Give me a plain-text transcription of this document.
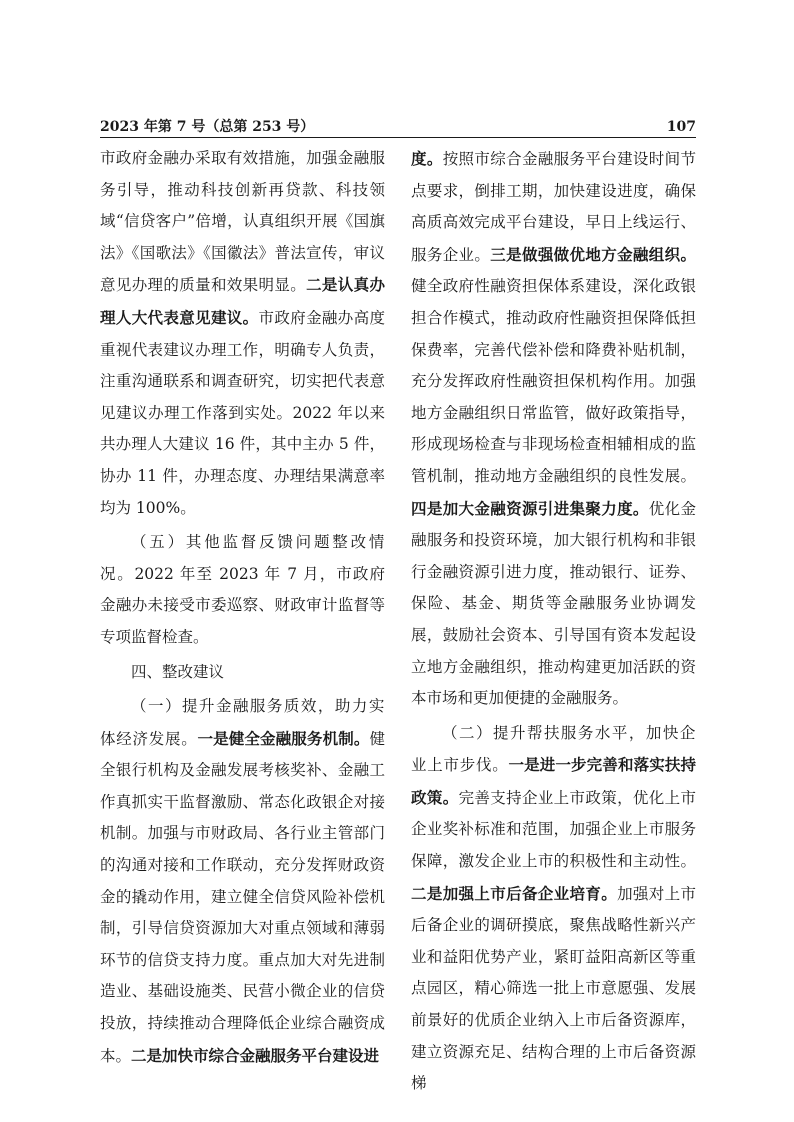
2023 年第 7 号（总第 253 号）	107

市政府金融办采取有效措施，加强金融服务引导，推动科技创新再贷款、科技领域“信贷客户”倍增，认真组织开展《国旗法》《国歌法》《国徽法》普法宣传，审议意见办理的质量和效果明显。二是认真办理人大代表意见建议。市政府金融办高度重视代表建议办理工作，明确专人负责，注重沟通联系和调查研究，切实把代表意见建议办理工作落到实处。2022 年以来共办理人大建议 16 件，其中主办 5 件，协办 11 件，办理态度、办理结果满意率均为 100%。

（五）其他监督反馈问题整改情况。2022 年至 2023 年 7 月，市政府金融办未接受市委巡察、财政审计监督等专项监督检查。

四、整改建议

（一）提升金融服务质效，助力实体经济发展。一是健全金融服务机制。健全银行机构及金融发展考核奖补、金融工作真抓实干监督激励、常态化政银企对接机制。加强与市财政局、各行业主管部门的沟通对接和工作联动，充分发挥财政资金的撬动作用，建立健全信贷风险补偿机制，引导信贷资源加大对重点领域和薄弱环节的信贷支持力度。重点加大对先进制造业、基础设施类、民营小微企业的信贷投放，持续推动合理降低企业综合融资成本。二是加快市综合金融服务平台建设进

度。按照市综合金融服务平台建设时间节点要求，倒排工期，加快建设进度，确保高质高效完成平台建设，早日上线运行、服务企业。三是做强做优地方金融组织。健全政府性融资担保体系建设，深化政银担合作模式，推动政府性融资担保降低担保费率，完善代偿补偿和降费补贴机制，充分发挥政府性融资担保机构作用。加强地方金融组织日常监管，做好政策指导，形成现场检查与非现场检查相辅相成的监管机制，推动地方金融组织的良性发展。四是加大金融资源引进集聚力度。优化金融服务和投资环境，加大银行机构和非银行金融资源引进力度，推动银行、证券、保险、基金、期货等金融服务业协调发展，鼓励社会资本、引导国有资本发起设立地方金融组织，推动构建更加活跃的资本市场和更加便捷的金融服务。

（二）提升帮扶服务水平，加快企业上市步伐。一是进一步完善和落实扶持政策。完善支持企业上市政策，优化上市企业奖补标准和范围，加强企业上市服务保障，激发企业上市的积极性和主动性。二是加强上市后备企业培育。加强对上市后备企业的调研摸底，聚焦战略性新兴产业和益阳优势产业，紧盯益阳高新区等重点园区，精心筛选一批上市意愿强、发展前景好的优质企业纳入上市后备资源库，建立资源充足、结构合理的上市后备资源梯
